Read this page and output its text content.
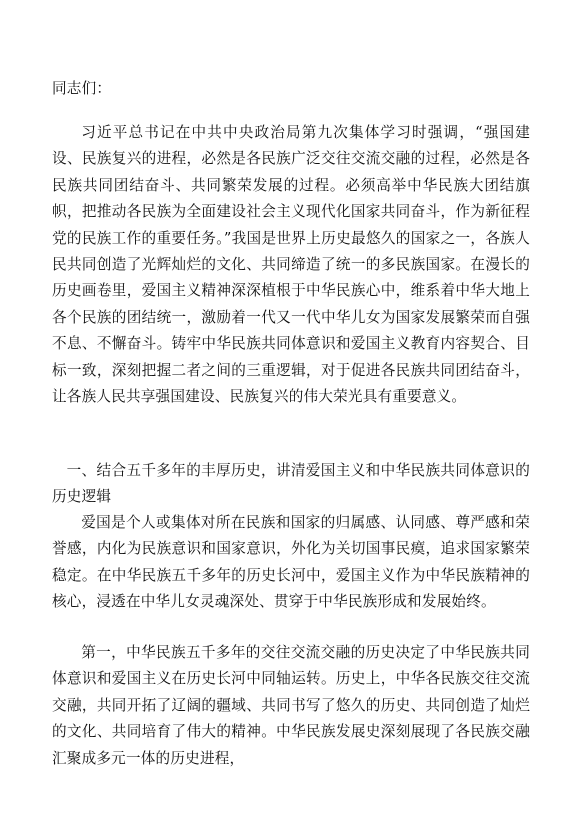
同志们：
习近平总书记在中共中央政治局第九次集体学习时强调，“强国建设、民族复兴的进程，必然是各民族广泛交往交流交融的过程，必然是各民族共同团结奋斗、共同繁荣发展的过程。必须高举中华民族大团结旗帜，把推动各民族为全面建设社会主义现代化国家共同奋斗，作为新征程党的民族工作的重要任务。”我国是世界上历史最悠久的国家之一，各族人民共同创造了光辉灿烂的文化、共同缔造了统一的多民族国家。在漫长的历史画卷里，爱国主义精神深深植根于中华民族心中，维系着中华大地上各个民族的团结统一，激励着一代又一代中华儿女为国家发展繁荣而自强不息、不懈奋斗。铸牢中华民族共同体意识和爱国主义教育内容契合、目标一致，深刻把握二者之间的三重逻辑，对于促进各民族共同团结奋斗，让各族人民共享强国建设、民族复兴的伟大荣光具有重要意义。
一、结合五千多年的丰厚历史，讲清爱国主义和中华民族共同体意识的历史逻辑
爱国是个人或集体对所在民族和国家的归属感、认同感、尊严感和荣誉感，内化为民族意识和国家意识，外化为关切国事民瘼，追求国家繁荣稳定。在中华民族五千多年的历史长河中，爱国主义作为中华民族精神的核心，浸透在中华儿女灵魂深处、贯穿于中华民族形成和发展始终。
第一，中华民族五千多年的交往交流交融的历史决定了中华民族共同体意识和爱国主义在历史长河中同轴运转。历史上，中华各民族交往交流交融，共同开拓了辽阔的疆域、共同书写了悠久的历史、共同创造了灿烂的文化、共同培育了伟大的精神。中华民族发展史深刻展现了各民族交融汇聚成多元一体的历史进程，
